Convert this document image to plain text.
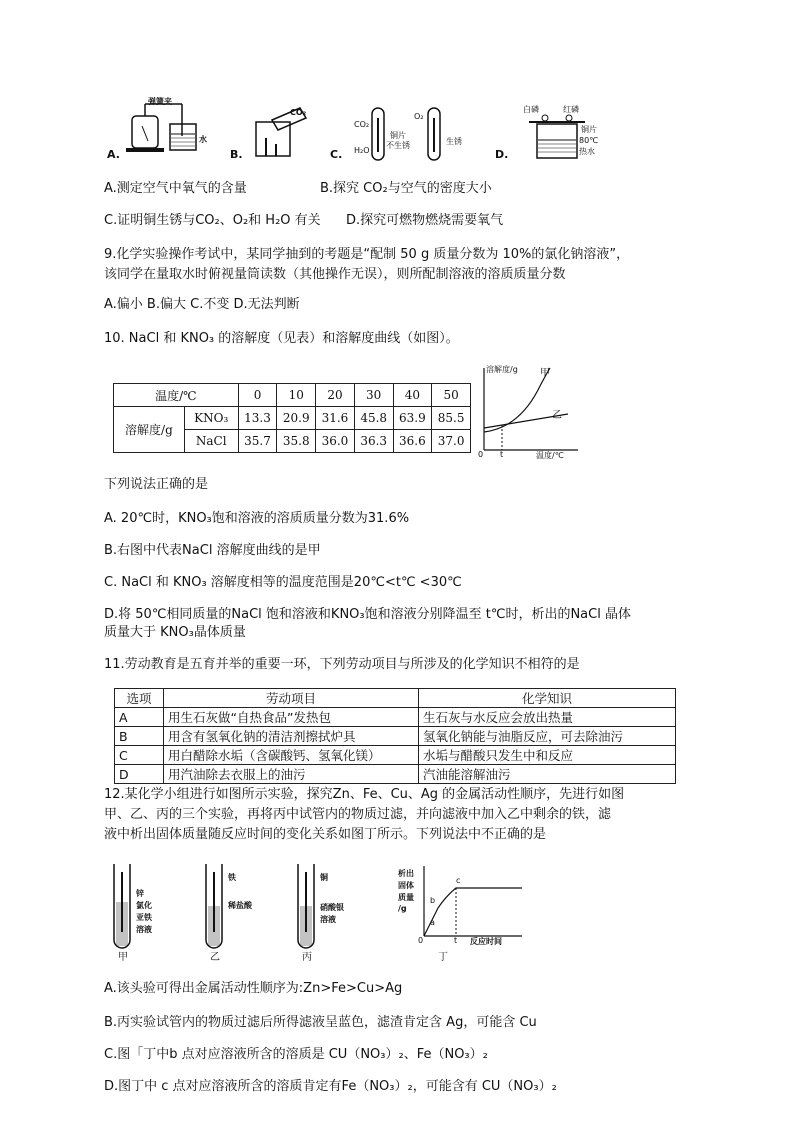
弹簧夹
水
A.
CO₂
B.
CO₂
O₂
H₂O
铜片
生锈
不生锈
C.
白磷	红磷
铜片
80℃
热水
D.
A.测定空气中氧气的含量	B.探究 CO₂与空气的密度大小
C.证明铜生锈与CO₂、O₂和 H₂O 有关 D.探究可燃物燃烧需要氧气
9.化学实验操作考试中，某同学抽到的考题是“配制 50 g 质量分数为 10%的氯化钠溶液”，
该同学在量取水时俯视量筒读数（其他操作无误），则所配制溶液的溶质质量分数
A.偏小 B.偏大 C.不变 D.无法判断
10. NaCl 和 KNO₃ 的溶解度（见表）和溶解度曲线（如图）。
温度/℃		0	10	20	30	40	50
溶解度/g	KNO₃	13.3	20.9	31.6	45.8	63.9	85.5
	NaCl	35.7	35.8	36.0	36.3	36.6	37.0
溶解度/g 甲
乙
0 t	温度/℃
下列说法正确的是
A. 20℃时，KNO₃饱和溶液的溶质质量分数为31.6%
B.右图中代表NaCl 溶解度曲线的是甲
C. NaCl 和 KNO₃ 溶解度相等的温度范围是20℃<t℃ <30℃
D.将 50℃相同质量的NaCl 饱和溶液和KNO₃饱和溶液分别降温至 t℃时，析出的NaCl 晶体
质量大于 KNO₃晶体质量
11.劳动教育是五育并举的重要一环，下列劳动项目与所涉及的化学知识不相符的是
选项	劳动项目	化学知识
A	用生石灰做“自热食品”发热包	生石灰与水反应会放出热量
B	用含有氢氧化钠的清洁剂擦拭炉具	氢氧化钠能与油脂反应，可去除油污
C	用白醋除水垢（含碳酸钙、氢氧化镁）	水垢与醋酸只发生中和反应
D	用汽油除去衣服上的油污	汽油能溶解油污
12.某化学小组进行如图所示实验，探究Zn、Fe、Cu、Ag 的金属活动性顺序，先进行如图
甲、乙、丙的三个实验，再将丙中试管内的物质过滤，并向滤液中加入乙中剩余的铁，滤
液中析出固体质量随反应时间的变化关系如图丁所示。下列说法中不正确的是
锌
氯化
亚铁
溶液
甲
铁
稀盐酸
乙
铜
硝酸银
溶液
丙
析出
固体
质量
/g
a
b
c
0	t 反应时间
丁
A.该头验可得出金属活动性顺序为:Zn>Fe>Cu>Ag
B.丙实验试管内的物质过滤后所得滤液呈蓝色，滤渣肯定含 Ag，可能含 Cu
C.图「丁中b 点对应溶液所含的溶质是 CU（NO₃）₂、Fe（NO₃）₂
D.图丁中 c 点对应溶液所含的溶质肯定有Fe（NO₃）₂，可能含有 CU（NO₃）₂
